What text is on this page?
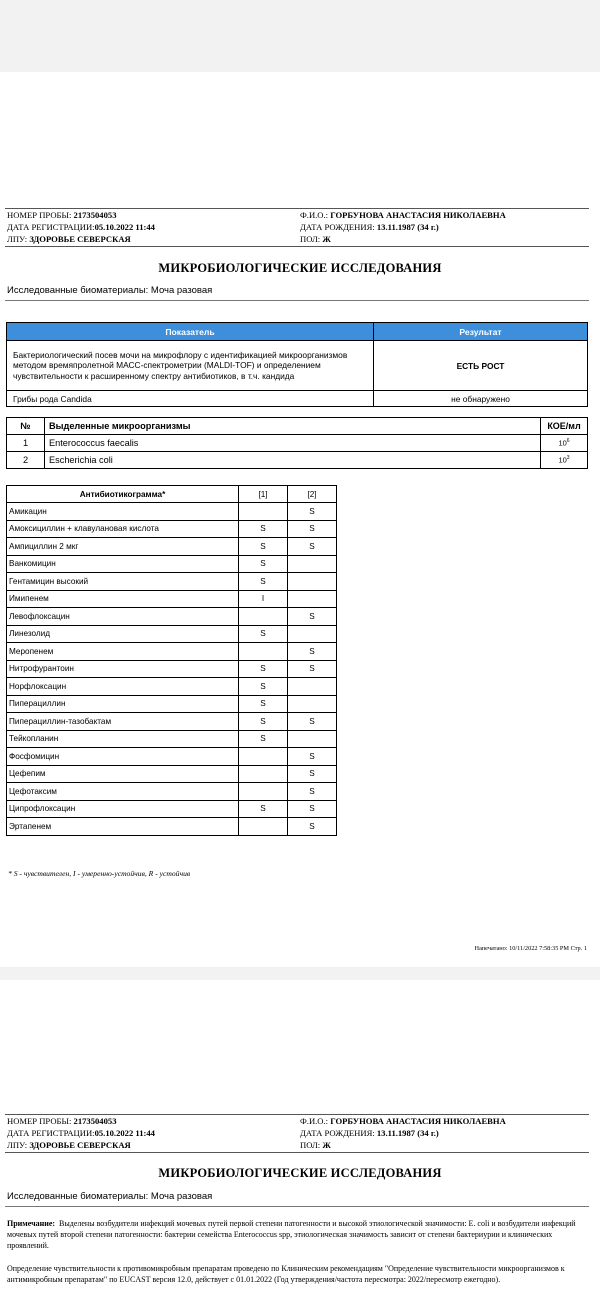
НОМЕР ПРОБЫ: 2173504053	Ф.И.О.: ГОРБУНОВА АНАСТАСИЯ НИКОЛАЕВНА
ДАТА РЕГИСТРАЦИИ:05.10.2022 11:44	ДАТА РОЖДЕНИЯ: 13.11.1987 (34 г.)
ЛПУ: ЗДОРОВЬЕ СЕВЕРСКАЯ	ПОЛ: Ж
МИКРОБИОЛОГИЧЕСКИЕ ИССЛЕДОВАНИЯ
Исследованные биоматериалы: Моча разовая
Показатель	Результат
Бактериологический посев мочи на микрофлору с идентификацией микроорганизмов методом времяпролетной МАСС-спектрометрии (MALDI-TOF) и определением чувствительности к расширенному спектру антибиотиков, в т.ч. кандида	ЕСТЬ РОСТ
Грибы рода Candida	не обнаружено
№	Выделенные микроорганизмы	КОЕ/мл
1	Enterococcus faecalis	$10^6$
2	Escherichia coli	$10^3$
Антибиотикограмма*	[1]	[2]
Амикацин		S
Амоксициллин + клавулановая кислота	S	S
Ампициллин 2 мкг	S	S
Ванкомицин	S	
Гентамицин высокий	S	
Имипенем	I	
Левофлоксацин		S
Линезолид	S	
Меропенем		S
Нитрофурантоин	S	S
Норфлоксацин	S	
Пиперациллин	S	
Пиперациллин-тазобактам	S	S
Тейкопланин	S	
Фосфомицин		S
Цефепим		S
Цефотаксим		S
Ципрофлоксацин	S	S
Эртапенем		S
* S - чувствителен, I - умеренно-устойчив, R - устойчив
Напечатано: 10/11/2022 7:58:35 PM Стр. 1
НОМЕР ПРОБЫ: 2173504053	Ф.И.О.: ГОРБУНОВА АНАСТАСИЯ НИКОЛАЕВНА
ДАТА РЕГИСТРАЦИИ:05.10.2022 11:44	ДАТА РОЖДЕНИЯ: 13.11.1987 (34 г.)
ЛПУ: ЗДОРОВЬЕ СЕВЕРСКАЯ	ПОЛ: Ж
МИКРОБИОЛОГИЧЕСКИЕ ИССЛЕДОВАНИЯ
Исследованные биоматериалы: Моча разовая
Примечание: Выделены возбудители инфекций мочевых путей первой степени патогенности и высокой этиологической значимости: E. coli и возбудители инфекций мочевых путей второй степени патогенности: бактерии семейства Enterococcus spp, этиологическая значимость зависит от степени бактериурии и клинических проявлений.
Определение чувствительности к противомикробным препаратам проведено по Клиническим рекомендациям "Определение чувствительности микроорганизмов к антимикробным препаратам" по EUCAST версия 12.0, действует с 01.01.2022 (Год утверждения/частота пересмотра: 2022/пересмотр ежегодно).
